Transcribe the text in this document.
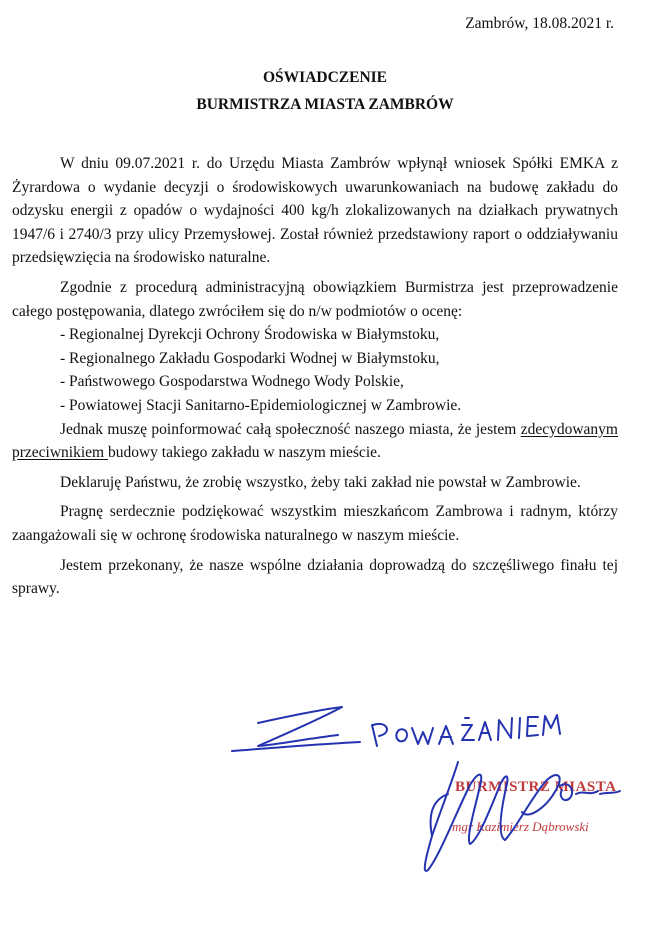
Zambrów, 18.08.2021 r.
OŚWIADCZENIE
BURMISTRZA MIASTA ZAMBRÓW

W dniu 09.07.2021 r. do Urzędu Miasta Zambrów wpłynął wniosek Spółki EMKA z Żyrardowa o wydanie decyzji o środowiskowych uwarunkowaniach na budowę zakładu do odzysku energii z opadów o wydajności 400 kg/h zlokalizowanych na działkach prywatnych 1947/6 i 2740/3 przy ulicy Przemysłowej. Został również przedstawiony raport o oddziaływaniu przedsięwzięcia na środowisko naturalne.

Zgodnie z procedurą administracyjną obowiązkiem Burmistrza jest przeprowadzenie całego postępowania, dlatego zwróciłem się do n/w podmiotów o ocenę:

- Regionalnej Dyrekcji Ochrony Środowiska w Białymstoku,

- Regionalnego Zakładu Gospodarki Wodnej w Białymstoku,

- Państwowego Gospodarstwa Wodnego Wody Polskie,

- Powiatowej Stacji Sanitarno-Epidemiologicznej w Zambrowie.

Jednak muszę poinformować całą społeczność naszego miasta, że jestem zdecydowanym przeciwnikiem budowy takiego zakładu w naszym mieście.

Deklaruję Państwu, że zrobię wszystko, żeby taki zakład nie powstał w Zambrowie.

Pragnę serdecznie podziękować wszystkim mieszkańcom Zambrowa i radnym, którzy zaangażowali się w ochronę środowiska naturalnego w naszym mieście.

Jestem przekonany, że nasze wspólne działania doprowadzą do szczęśliwego finału tej sprawy.

BURMISTRZ MIASTA
mgr Kazimierz Dąbrowski
